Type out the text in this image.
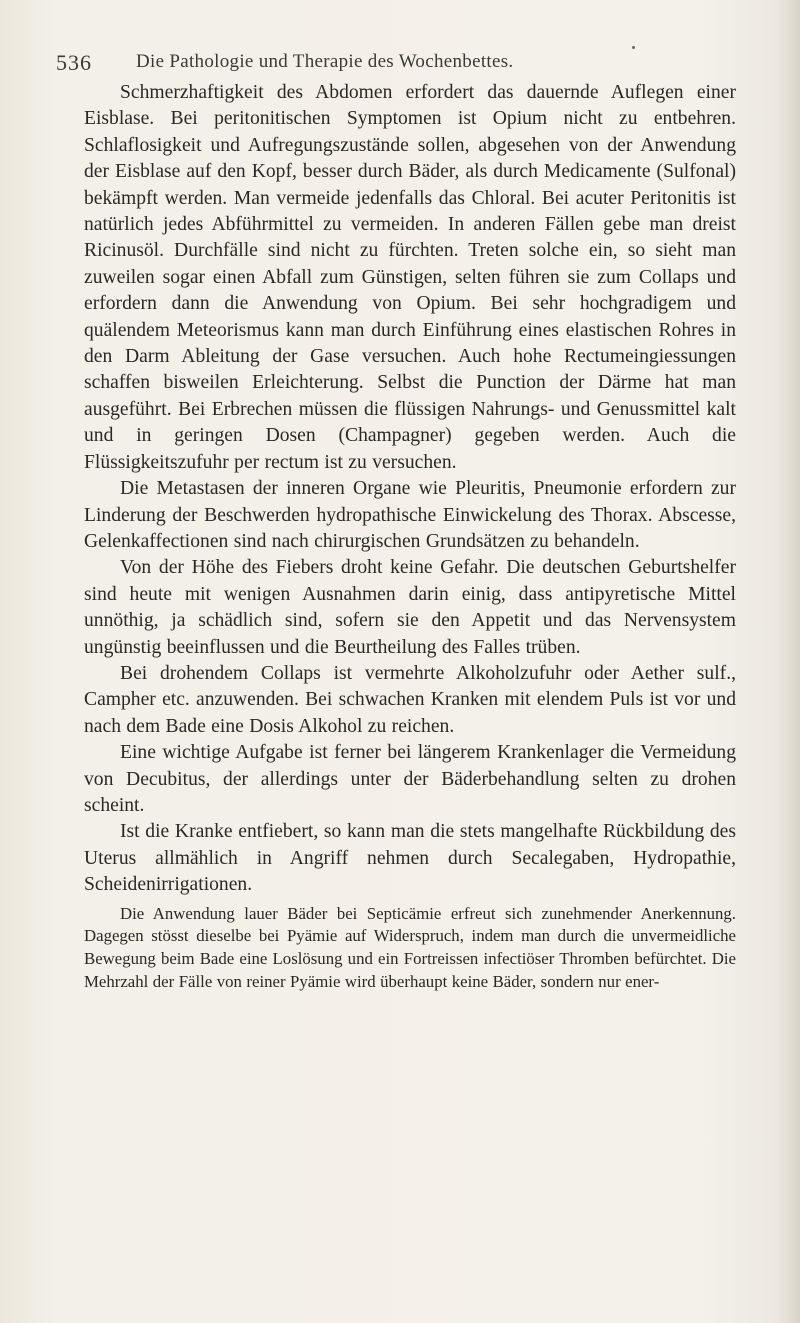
536 Die Pathologie und Therapie des Wochenbettes.

Schmerzhaftigkeit des Abdomen erfordert das dauernde Auflegen einer Eisblase. Bei peritonitischen Symptomen ist Opium nicht zu entbehren. Schlaflosigkeit und Aufregungszustände sollen, abgesehen von der Anwendung der Eisblase auf den Kopf, besser durch Bäder, als durch Medicamente (Sulfonal) bekämpft werden. Man vermeide jedenfalls das Chloral. Bei acuter Peritonitis ist natürlich jedes Abführmittel zu vermeiden. In anderen Fällen gebe man dreist Ricinusöl. Durchfälle sind nicht zu fürchten. Treten solche ein, so sieht man zuweilen sogar einen Abfall zum Günstigen, selten führen sie zum Collaps und erfordern dann die Anwendung von Opium. Bei sehr hochgradigem und quälendem Meteorismus kann man durch Einführung eines elastischen Rohres in den Darm Ableitung der Gase versuchen. Auch hohe Rectumeingiessungen schaffen bisweilen Erleichterung. Selbst die Punction der Därme hat man ausgeführt. Bei Erbrechen müssen die flüssigen Nahrungs- und Genussmittel kalt und in geringen Dosen (Champagner) gegeben werden. Auch die Flüssigkeitszufuhr per rectum ist zu versuchen.

Die Metastasen der inneren Organe wie Pleuritis, Pneumonie erfordern zur Linderung der Beschwerden hydropathische Einwickelung des Thorax. Abscesse, Gelenkaffectionen sind nach chirurgischen Grundsätzen zu behandeln.

Von der Höhe des Fiebers droht keine Gefahr. Die deutschen Geburtshelfer sind heute mit wenigen Ausnahmen darin einig, dass antipyretische Mittel unnöthig, ja schädlich sind, sofern sie den Appetit und das Nervensystem ungünstig beeinflussen und die Beurtheilung des Falles trüben.

Bei drohendem Collaps ist vermehrte Alkoholzufuhr oder Aether sulf., Campher etc. anzuwenden. Bei schwachen Kranken mit elendem Puls ist vor und nach dem Bade eine Dosis Alkohol zu reichen.

Eine wichtige Aufgabe ist ferner bei längerem Krankenlager die Vermeidung von Decubitus, der allerdings unter der Bäderbehandlung selten zu drohen scheint.

Ist die Kranke entfiebert, so kann man die stets mangelhafte Rückbildung des Uterus allmählich in Angriff nehmen durch Secalegaben, Hydropathie, Scheidenirrigationen.

Die Anwendung lauer Bäder bei Septicämie erfreut sich zunehmender Anerkennung. Dagegen stösst dieselbe bei Pyämie auf Widerspruch, indem man durch die unvermeidliche Bewegung beim Bade eine Loslösung und ein Fortreissen infectiöser Thromben befürchtet. Die Mehrzahl der Fälle von reiner Pyämie wird überhaupt keine Bäder, sondern nur ener-
